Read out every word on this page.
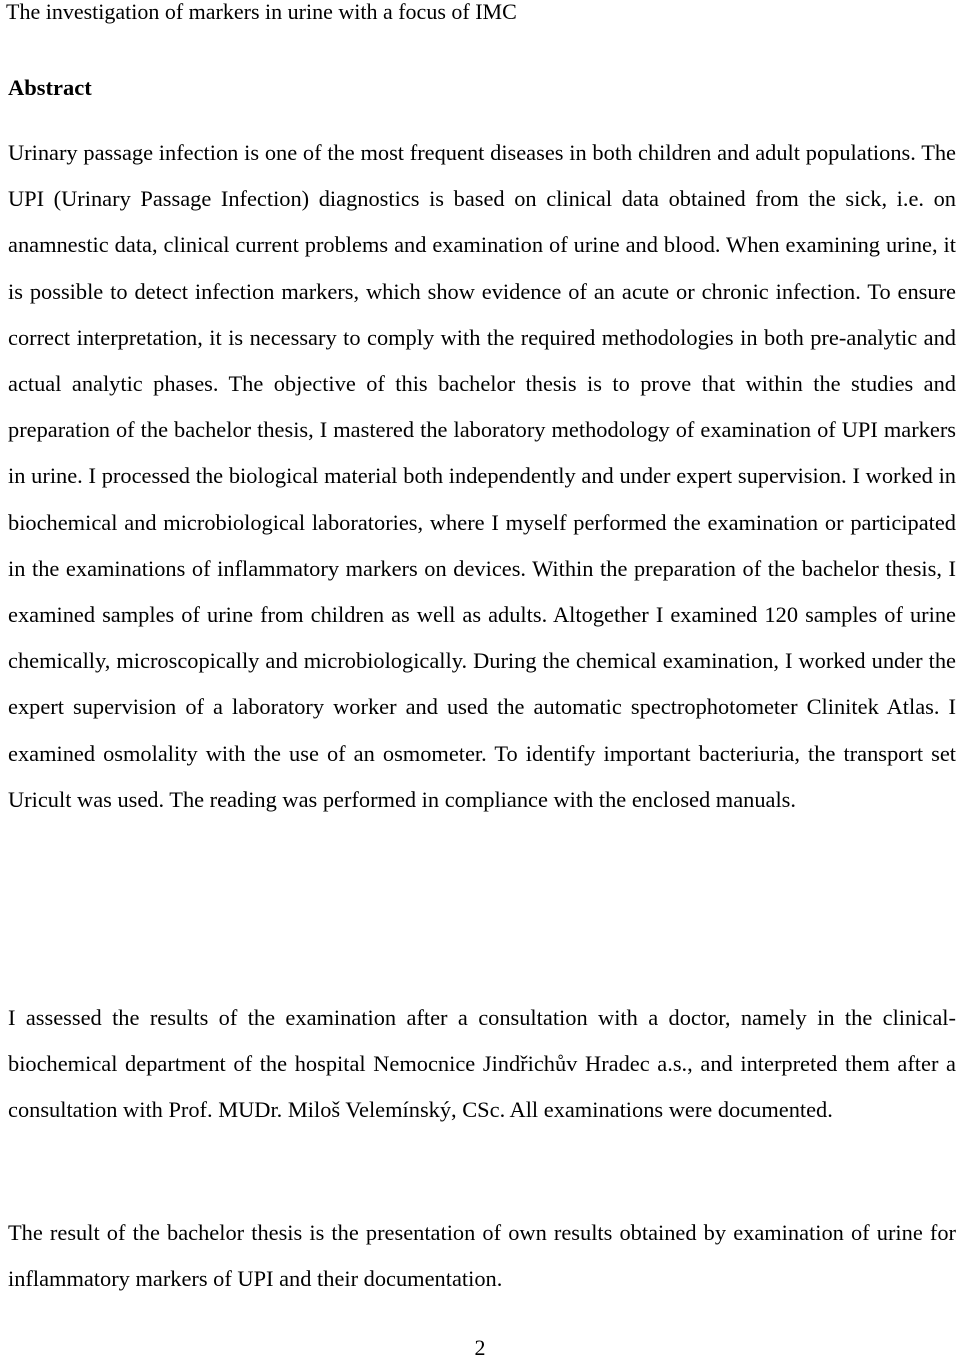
The investigation of markers in urine with a focus of IMC
Abstract

Urinary passage infection is one of the most frequent diseases in both children and adult populations. The UPI (Urinary Passage Infection) diagnostics is based on clinical data obtained from the sick, i.e. on anamnestic data, clinical current problems and examination of urine and blood. When examining urine, it is possible to detect infection markers, which show evidence of an acute or chronic infection. To ensure correct interpretation, it is necessary to comply with the required methodologies in both pre-analytic and actual analytic phases. The objective of this bachelor thesis is to prove that within the studies and preparation of the bachelor thesis, I mastered the laboratory methodology of examination of UPI markers in urine. I processed the biological material both independently and under expert supervision. I worked in biochemical and microbiological laboratories, where I myself performed the examination or participated in the examinations of inflammatory markers on devices. Within the preparation of the bachelor thesis, I examined samples of urine from children as well as adults. Altogether I examined 120 samples of urine chemically, microscopically and microbiologically. During the chemical examination, I worked under the expert supervision of a laboratory worker and used the automatic spectrophotometer Clinitek Atlas. I examined osmolality with the use of an osmometer. To identify important bacteriuria, the transport set Uricult was used. The reading was performed in compliance with the enclosed manuals.

I assessed the results of the examination after a consultation with a doctor, namely in the clinical-biochemical department of the hospital Nemocnice Jindřichův Hradec a.s., and interpreted them after a consultation with Prof. MUDr. Miloš Velemínský, CSc. All examinations were documented.

The result of the bachelor thesis is the presentation of own results obtained by examination of urine for inflammatory markers of UPI and their documentation.

2
